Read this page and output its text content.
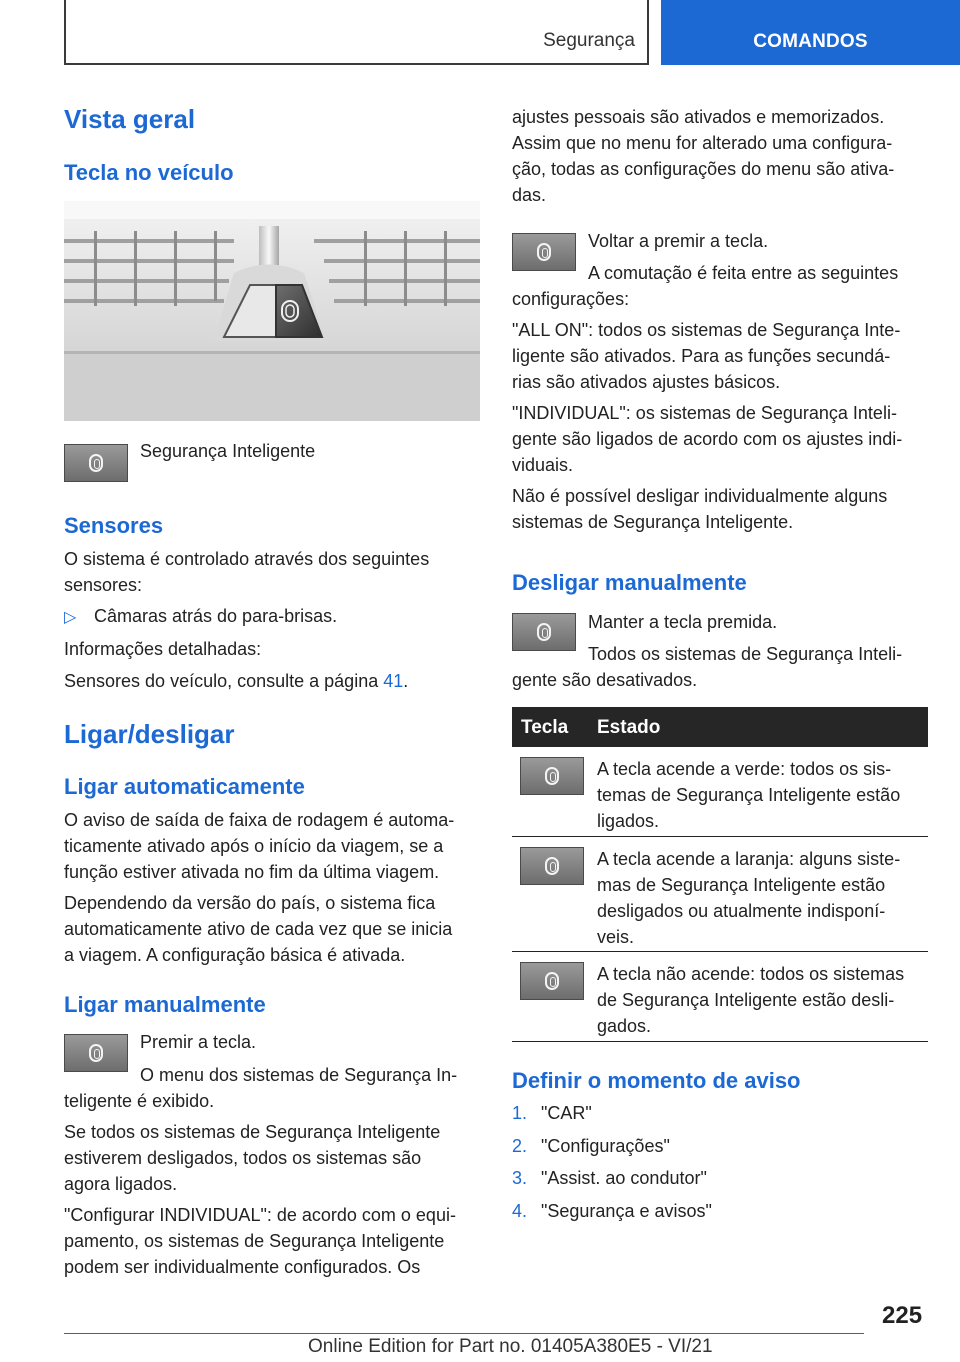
Segurança	COMANDOS
Vista geral
Tecla no veículo
Segurança Inteligente
Sensores
O sistema é controlado através dos seguintes
sensores:
▷ Câmaras atrás do para-brisas.
Informações detalhadas:
Sensores do veículo, consulte a página 41.
Ligar/desligar
Ligar automaticamente
O aviso de saída de faixa de rodagem é automa-
ticamente ativado após o início da viagem, se a
função estiver ativada no fim da última viagem.
Dependendo da versão do país, o sistema fica
automaticamente ativo de cada vez que se inicia
a viagem. A configuração básica é ativada.
Ligar manualmente
Premir a tecla.
O menu dos sistemas de Segurança In-
teligente é exibido.
Se todos os sistemas de Segurança Inteligente
estiverem desligados, todos os sistemas são
agora ligados.
"Configurar INDIVIDUAL": de acordo com o equi-
pamento, os sistemas de Segurança Inteligente
podem ser individualmente configurados. Os
ajustes pessoais são ativados e memorizados.
Assim que no menu for alterado uma configura-
ção, todas as configurações do menu são ativa-
das.
Voltar a premir a tecla.
A comutação é feita entre as seguintes
configurações:
"ALL ON": todos os sistemas de Segurança Inte-
ligente são ativados. Para as funções secundá-
rias são ativados ajustes básicos.
"INDIVIDUAL": os sistemas de Segurança Inteli-
gente são ligados de acordo com os ajustes indi-
viduais.
Não é possível desligar individualmente alguns
sistemas de Segurança Inteligente.
Desligar manualmente
Manter a tecla premida.
Todos os sistemas de Segurança Inteli-
gente são desativados.
Tecla Estado
A tecla acende a verde: todos os sis-
temas de Segurança Inteligente estão
ligados.
A tecla acende a laranja: alguns siste-
mas de Segurança Inteligente estão
desligados ou atualmente indisponí-
veis.
A tecla não acende: todos os sistemas
de Segurança Inteligente estão desli-
gados.
Definir o momento de aviso
1. "CAR"
2. "Configurações"
3. "Assist. ao condutor"
4. "Segurança e avisos"
225
Online Edition for Part no. 01405A380E5 - VI/21
